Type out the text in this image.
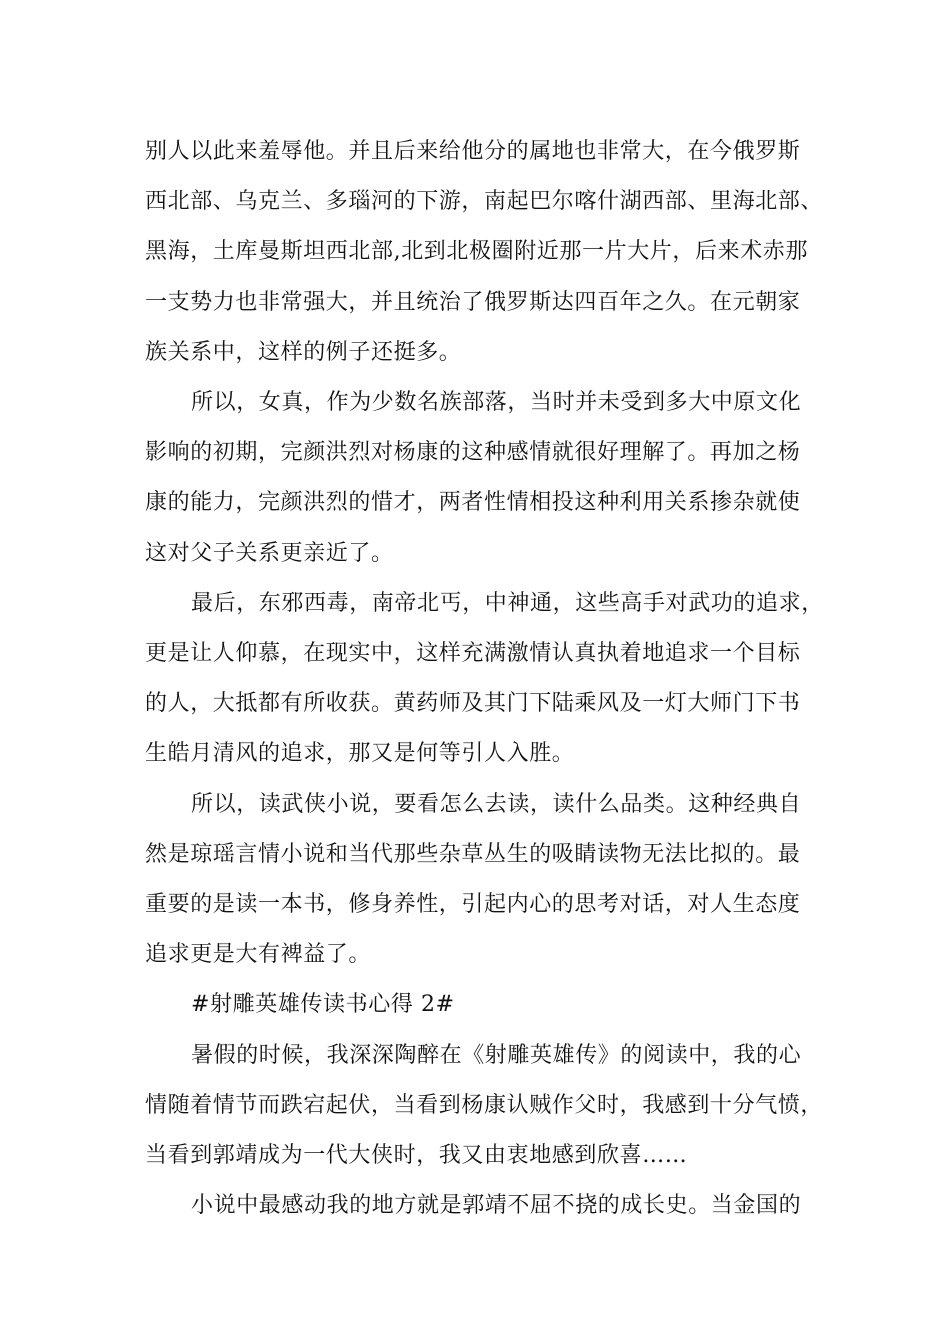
别人以此来羞辱他。并且后来给他分的属地也非常大，在今俄罗斯
西北部、乌克兰、多瑙河的下游，南起巴尔喀什湖西部、里海北部、
黑海，土库曼斯坦西北部,北到北极圈附近那一片大片，后来术赤那
一支势力也非常强大，并且统治了俄罗斯达四百年之久。在元朝家
族关系中，这样的例子还挺多。

所以，女真，作为少数名族部落，当时并未受到多大中原文化
影响的初期，完颜洪烈对杨康的这种感情就很好理解了。再加之杨
康的能力，完颜洪烈的惜才，两者性情相投这种利用关系掺杂就使
这对父子关系更亲近了。

最后，东邪西毒，南帝北丐，中神通，这些高手对武功的追求，
更是让人仰慕，在现实中，这样充满激情认真执着地追求一个目标
的人，大抵都有所收获。黄药师及其门下陆乘风及一灯大师门下书
生皓月清风的追求，那又是何等引人入胜。

所以，读武侠小说，要看怎么去读，读什么品类。这种经典自
然是琼瑶言情小说和当代那些杂草丛生的吸睛读物无法比拟的。最
重要的是读一本书，修身养性，引起内心的思考对话，对人生态度
追求更是大有裨益了。

#射雕英雄传读书心得 2#

暑假的时候，我深深陶醉在《射雕英雄传》的阅读中，我的心
情随着情节而跌宕起伏，当看到杨康认贼作父时，我感到十分气愤，
当看到郭靖成为一代大侠时，我又由衷地感到欣喜……

小说中最感动我的地方就是郭靖不屈不挠的成长史。当金国的
